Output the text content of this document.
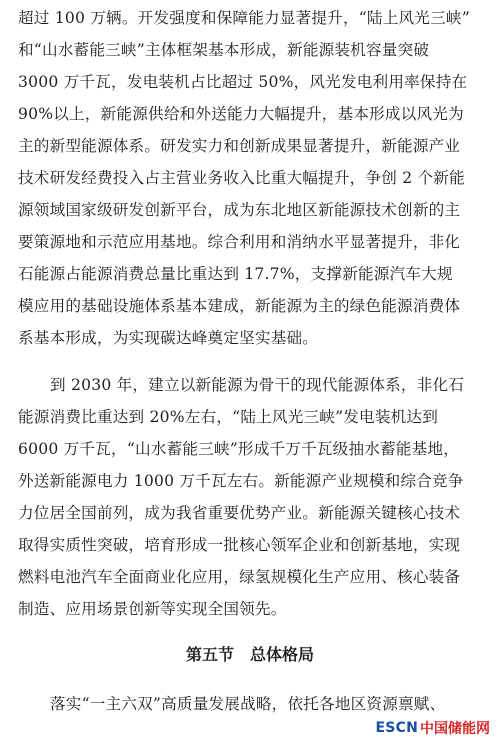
超过 100 万辆。开发强度和保障能力显著提升，“陆上风光三峡”
和“山水蓄能三峡”主体框架基本形成，新能源装机容量突破
3000 万千瓦，发电装机占比超过 50%，风光发电利用率保持在
90%以上，新能源供给和外送能力大幅提升，基本形成以风光为
主的新型能源体系。研发实力和创新成果显著提升，新能源产业
技术研发经费投入占主营业务收入比重大幅提升，争创 2 个新能
源领域国家级研发创新平台，成为东北地区新能源技术创新的主
要策源地和示范应用基地。综合利用和消纳水平显著提升，非化
石能源占能源消费总量比重达到 17.7%，支撑新能源汽车大规
模应用的基础设施体系基本建成，新能源为主的绿色能源消费体
系基本形成，为实现碳达峰奠定坚实基础。
到 2030 年，建立以新能源为骨干的现代能源体系，非化石
能源消费比重达到 20%左右，“陆上风光三峡”发电装机达到
6000 万千瓦，“山水蓄能三峡”形成千万千瓦级抽水蓄能基地，
外送新能源电力 1000 万千瓦左右。新能源产业规模和综合竞争
力位居全国前列，成为我省重要优势产业。新能源关键核心技术
取得实质性突破，培育形成一批核心领军企业和创新基地，实现
燃料电池汽车全面商业化应用，绿氢规模化生产应用、核心装备
制造、应用场景创新等实现全国领先。
第五节　总体格局
落实“一主六双”高质量发展战略，依托各地区资源禀赋、
ESCN 中国储能网
